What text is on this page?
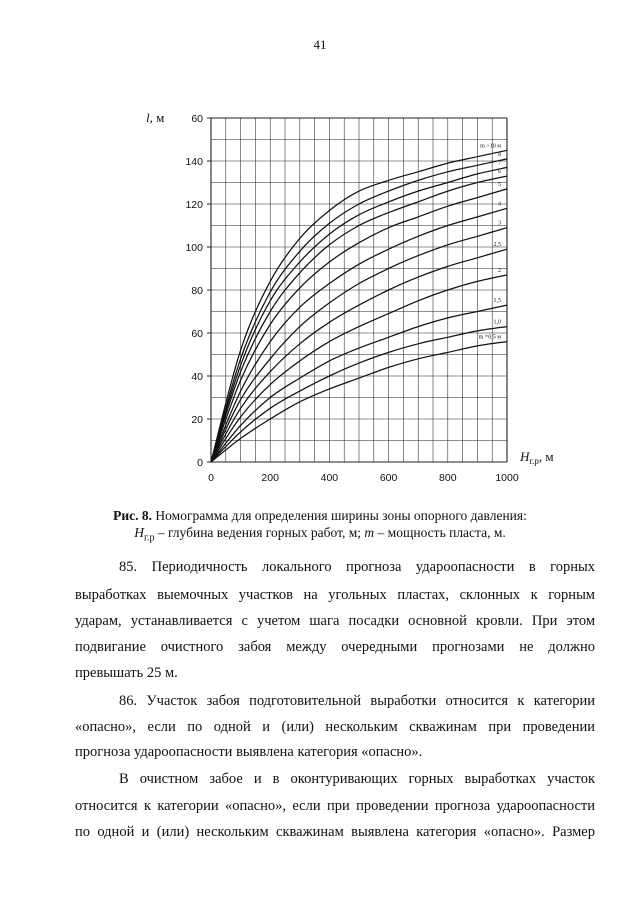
41
0
20
40
60
80
100
120
140
60
0	200	400	600	800	1000
m >10 м
8
7
6
5
4
3
2,5
2
1,5
1,0
m =0,5 м
l, м
$H_{г.р}$, м
Рис. 8. Номограмма для определения ширины зоны опорного давления:
$H_{г.р}$ – глубина ведения горных работ, м; m – мощность пласта, м.
85. Периодичность локального прогноза удароопасности в горных
выработках выемочных участков на угольных пластах, склонных к горным
ударам, устанавливается с учетом шага посадки основной кровли. При этом
подвигание очистного забоя между очередными прогнозами не должно
превышать 25 м.
86. Участок забоя подготовительной выработки относится к категории
«опасно», если по одной и (или) нескольким скважинам при проведении
прогноза удароопасности выявлена категория «опасно».
В очистном забое и в оконтуривающих горных выработках участок
относится к категории «опасно», если при проведении прогноза удароопасности
по одной и (или) нескольким скважинам выявлена категория «опасно». Размер
